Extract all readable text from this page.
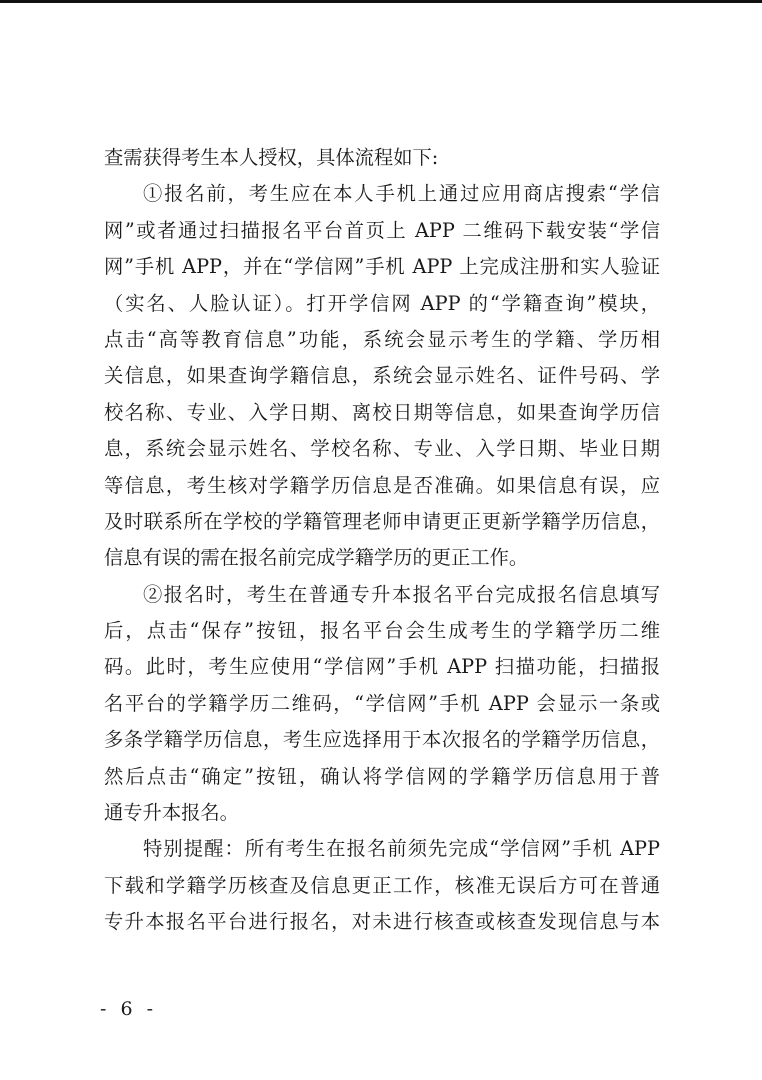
查需获得考生本人授权，具体流程如下:
①报名前，考生应在本人手机上通过应用商店搜索“学信
网”或者通过扫描报名平台首页上 APP 二维码下载安装“学信
网”手机 APP，并在“学信网”手机 APP 上完成注册和实人验证
（实名、人脸认证）。打开学信网 APP 的“学籍查询”模块，
点击“高等教育信息”功能，系统会显示考生的学籍、学历相
关信息，如果查询学籍信息，系统会显示姓名、证件号码、学
校名称、专业、入学日期、离校日期等信息，如果查询学历信
息，系统会显示姓名、学校名称、专业、入学日期、毕业日期
等信息，考生核对学籍学历信息是否准确。如果信息有误，应
及时联系所在学校的学籍管理老师申请更正更新学籍学历信息，
信息有误的需在报名前完成学籍学历的更正工作。
②报名时，考生在普通专升本报名平台完成报名信息填写
后，点击“保存”按钮，报名平台会生成考生的学籍学历二维
码。此时，考生应使用“学信网”手机 APP 扫描功能，扫描报
名平台的学籍学历二维码，“学信网”手机 APP 会显示一条或
多条学籍学历信息，考生应选择用于本次报名的学籍学历信息，
然后点击“确定”按钮，确认将学信网的学籍学历信息用于普
通专升本报名。
特别提醒：所有考生在报名前须先完成“学信网”手机 APP
下载和学籍学历核查及信息更正工作，核准无误后方可在普通
专升本报名平台进行报名，对未进行核查或核查发现信息与本
- 6 -
